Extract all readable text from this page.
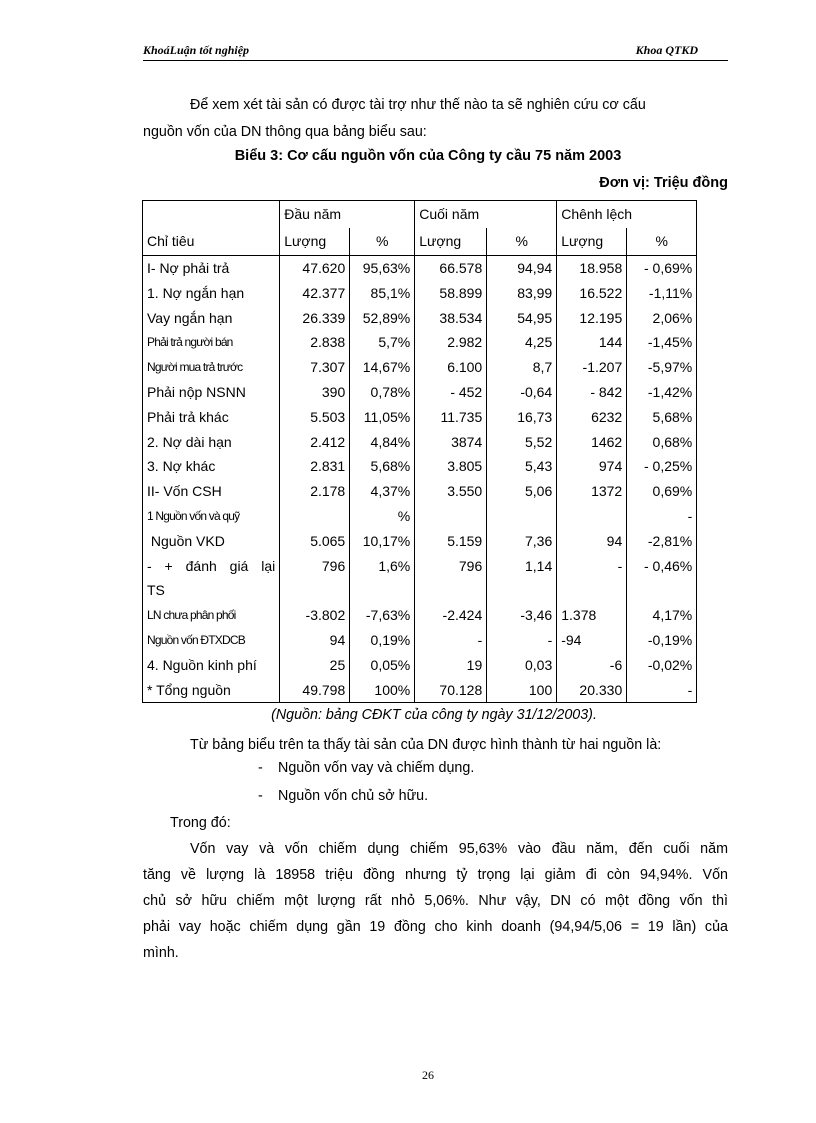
KhoáLuận tốt nghiệp	Khoa QTKD
Để xem xét tài sản có được tài trợ như thế nào ta sẽ nghiên cứu cơ cấu
nguồn vốn của DN thông qua bảng biểu sau:
Biểu 3: Cơ cấu nguồn vốn của Công ty cầu 75 năm 2003
Đơn vị: Triệu đồng
	Đầu năm		Cuối năm		Chênh lệch	
Chỉ tiêu	Lượng	%	Lượng	%	Lượng	%
I- Nợ phải trả	47.620	95,63%	66.578	94,94	18.958	- 0,69%
1. Nợ ngắn hạn	42.377	85,1%	58.899	83,99	16.522	-1,11%
Vay ngắn hạn	26.339	52,89%	38.534	54,95	12.195	2,06%
Phải trả người bán	2.838	5,7%	2.982	4,25	144	-1,45%
Người mua trả trước	7.307	14,67%	6.100	8,7	-1.207	-5,97%
Phải nộp NSNN	390	0,78%	- 452	-0,64	- 842	-1,42%
Phải trả khác	5.503	11,05%	11.735	16,73	6232	5,68%
2. Nợ dài hạn	2.412	4,84%	3874	5,52	1462	0,68%
3. Nợ khác	2.831	5,68%	3.805	5,43	974	- 0,25%
II- Vốn CSH	2.178	4,37%	3.550	5,06	1372	0,69%
1 Nguồn vốn và quỹ		%				-
Nguồn VKD	5.065	10,17%	5.159	7,36	94	-2,81%
- + đánh giá lại	796	1,6%	796	1,14	-	- 0,46%
TS						
LN chưa phân phối	-3.802	-7,63%	-2.424	-3,46	1.378	4,17%
Nguồn vốn ĐTXDCB	94	0,19%	-	-	-94	-0,19%
4. Nguồn kinh phí	25	0,05%	19	0,03	-6	-0,02%
* Tổng nguồn	49.798	100%	70.128	100	20.330	-
(Nguồn: bảng CĐKT của công ty ngày 31/12/2003).
Từ bảng biểu trên ta thấy tài sản của DN được hình thành từ hai nguồn là:
- Nguồn vốn vay và chiếm dụng.
- Nguồn vốn chủ sở hữu.
Trong đó:
Vốn vay và vốn chiếm dụng chiếm 95,63% vào đầu năm, đến cuối năm
tăng về lượng là 18958 triệu đồng nhưng tỷ trọng lại giảm đi còn 94,94%. Vốn
chủ sở hữu chiếm một lượng rất nhỏ 5,06%. Như vậy, DN có một đồng vốn thì
phải vay hoặc chiếm dụng gần 19 đồng cho kinh doanh (94,94/5,06 = 19 lần) của
mình.
26
